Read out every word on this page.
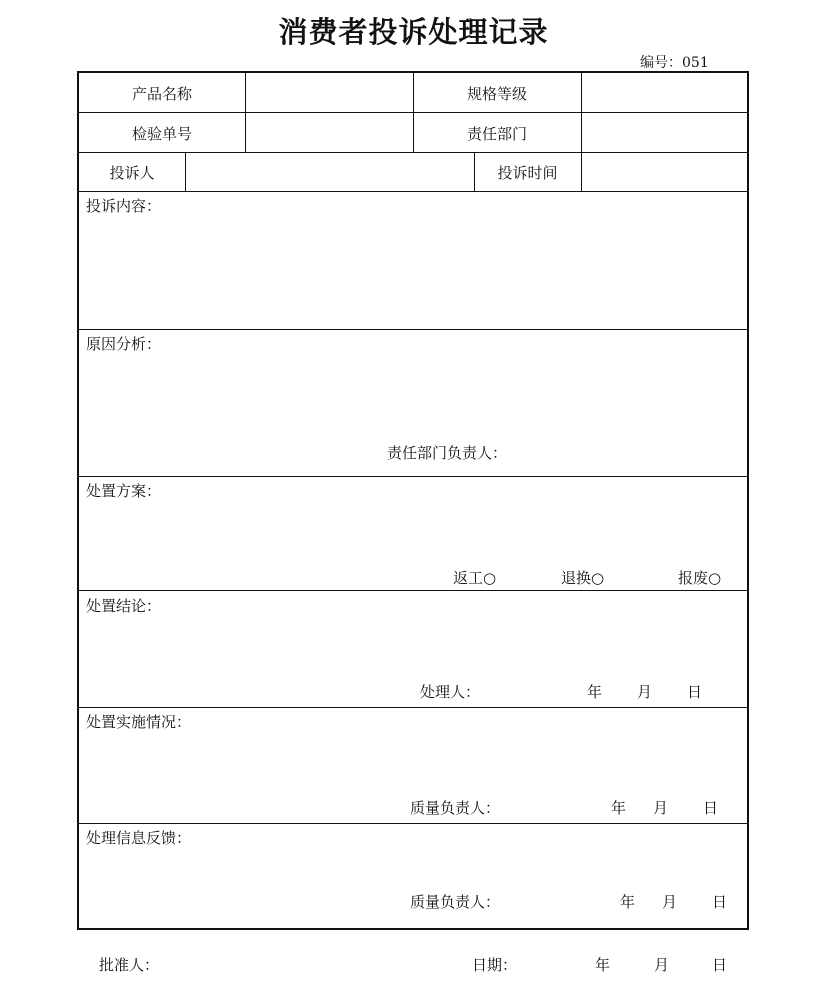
消费者投诉处理记录
编号：051
产品名称	规格等级
检验单号	责任部门
投诉人	投诉时间
投诉内容：
原因分析：
责任部门负责人：
处置方案：
返工○	退换○	报废○
处置结论：
处理人：	年 月 日
处置实施情况：
质量负责人：	年 月 日
处理信息反馈：
质量负责人：	年 月 日
批准人：	日期：	年	月	日
